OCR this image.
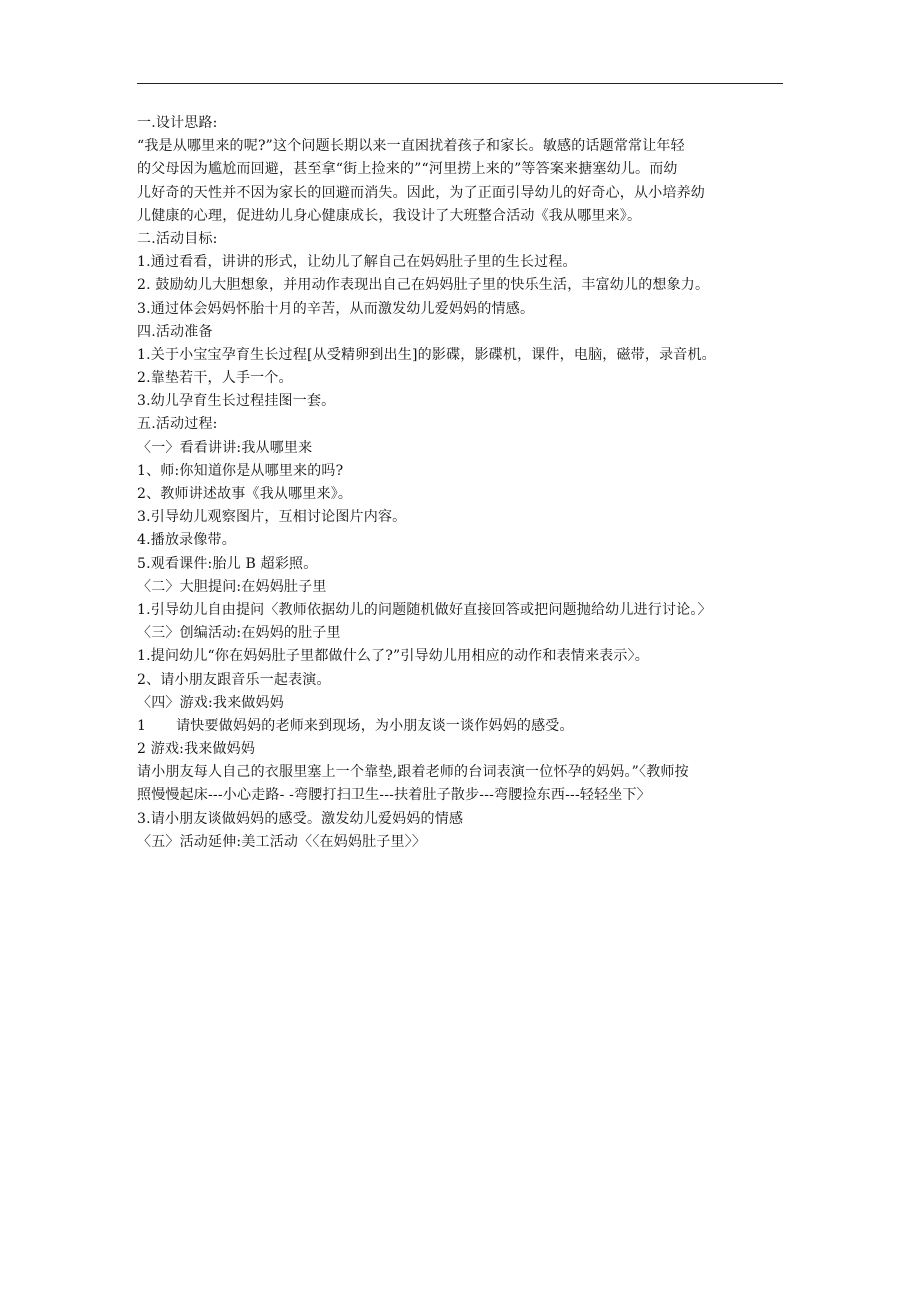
一.设计思路:
“我是从哪里来的呢?”这个问题长期以来一直困扰着孩子和家长。敏感的话题常常让年轻
的父母因为尴尬而回避，甚至拿“街上捡来的”“河里捞上来的”等答案来搪塞幼儿。而幼
儿好奇的天性并不因为家长的回避而消失。因此，为了正面引导幼儿的好奇心，从小培养幼
儿健康的心理，促进幼儿身心健康成长，我设计了大班整合活动《我从哪里来》。
二.活动目标:
1.通过看看，讲讲的形式，让幼儿了解自己在妈妈肚子里的生长过程。
2. 鼓励幼儿大胆想象，并用动作表现出自己在妈妈肚子里的快乐生活，丰富幼儿的想象力。
3.通过体会妈妈怀胎十月的辛苦，从而激发幼儿爱妈妈的情感。
四.活动准备
1.关于小宝宝孕育生长过程[从受精卵到出生]的影碟，影碟机，课件，电脑，磁带，录音机。
2.靠垫若干，人手一个。
3.幼儿孕育生长过程挂图一套。
五.活动过程:
〈一〉看看讲讲:我从哪里来
1、师:你知道你是从哪里来的吗?
2、教师讲述故事《我从哪里来》。
3.引导幼儿观察图片，互相讨论图片内容。
4.播放录像带。
5.观看课件:胎儿 B 超彩照。
〈二〉大胆提问:在妈妈肚子里
1.引导幼儿自由提问〈教师依据幼儿的问题随机做好直接回答或把问题抛给幼儿进行讨论。〉
〈三〉创编活动:在妈妈的肚子里
1.提问幼儿“你在妈妈肚子里都做什么了?”引导幼儿用相应的动作和表情来表示〉。
2、请小朋友跟音乐一起表演。
〈四〉游戏:我来做妈妈
1 请快要做妈妈的老师来到现场，为小朋友谈一谈作妈妈的感受。
2 游戏:我来做妈妈
请小朋友每人自己的衣服里塞上一个靠垫,跟着老师的台词表演一位怀孕的妈妈。”〈教师按
照慢慢起床---小心走路- -弯腰打扫卫生---扶着肚子散步---弯腰捡东西---轻轻坐下〉
3.请小朋友谈做妈妈的感受。激发幼儿爱妈妈的情感
〈五〉活动延伸:美工活动〈〈在妈妈肚子里〉〉
